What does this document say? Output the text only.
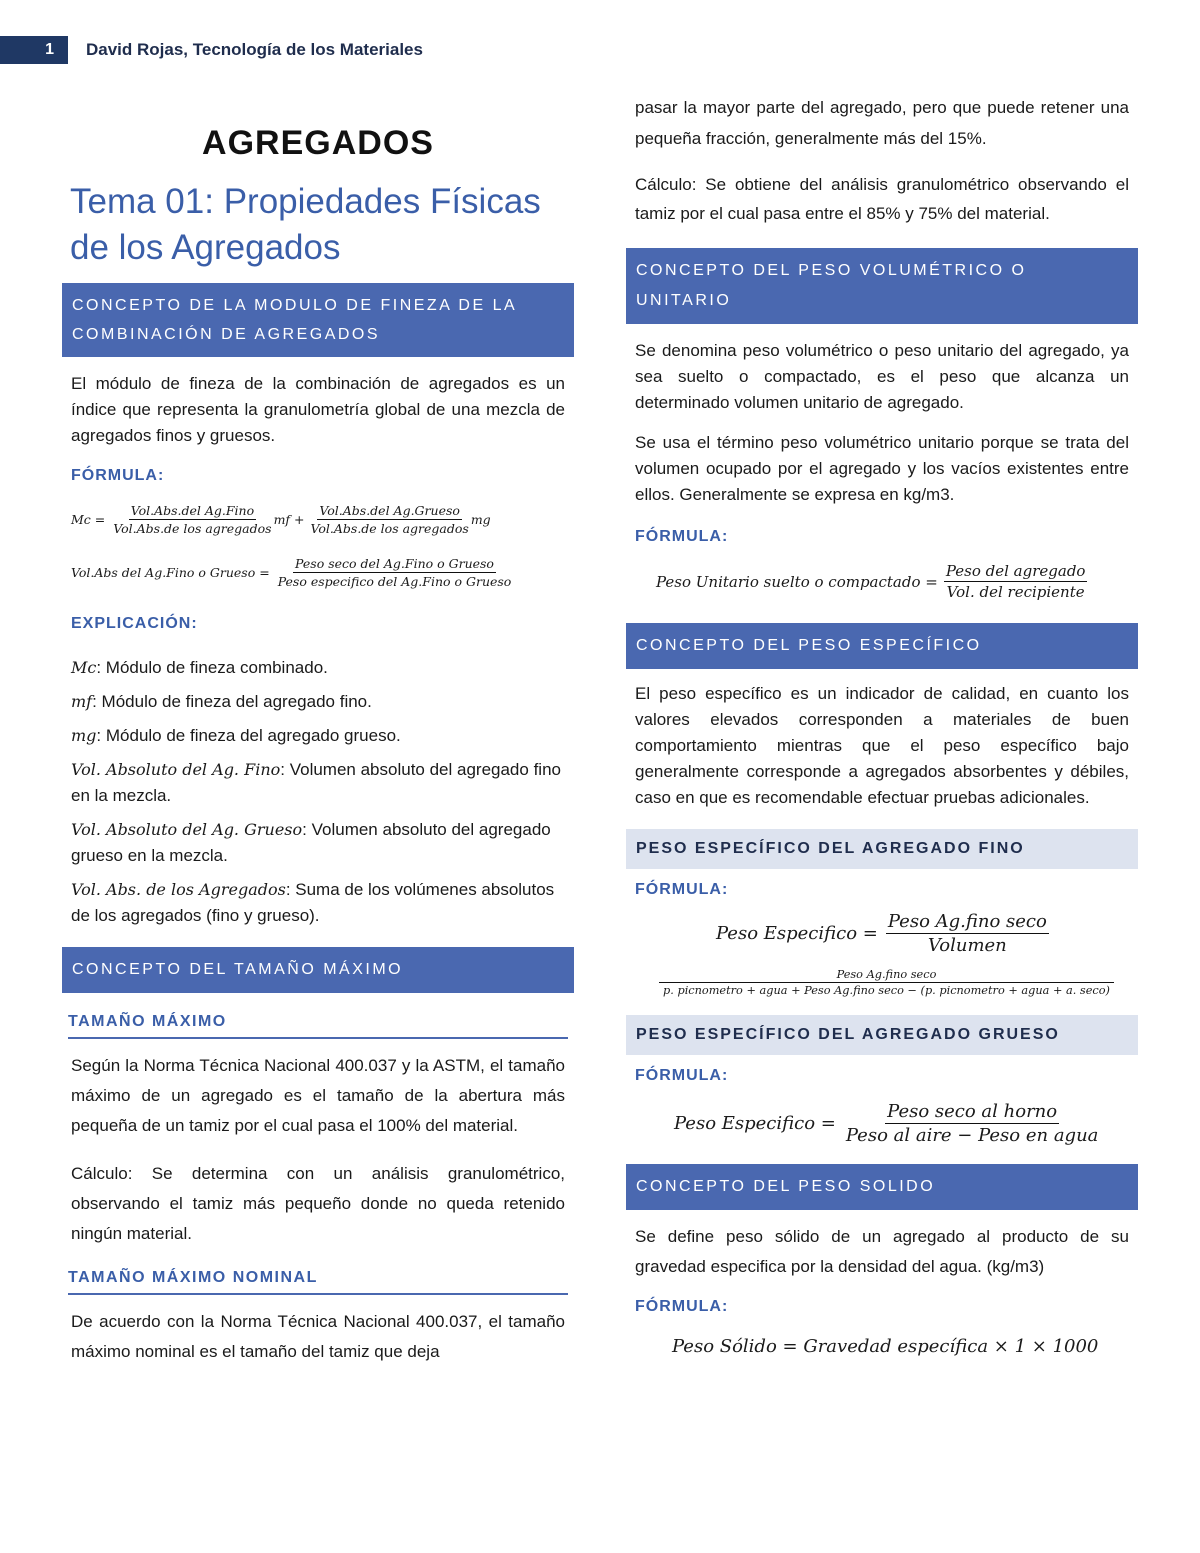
1	David Rojas, Tecnología de los Materiales
AGREGADOS
Tema 01: Propiedades Físicas
de los Agregados
CONCEPTO DE LA MODULO DE FINEZA DE LA
COMBINACIÓN DE AGREGADOS

El módulo de fineza de la combinación de agregados es un índice que representa la granulometría global de una mezcla de agregados finos y gruesos.

FÓRMULA:
$Mc = \frac{\text{Vol.Abs.del Ag.Fino}}{\text{Vol.Abs.de los agregados}}$ mf + $\frac{\text{Vol.Abs.del Ag.Grueso}}{\text{Vol.Abs.de los agregados}}$ mg
Vol.Abs del Ag.Fino o Grueso = $\frac{\text{Peso seco del Ag.Fino o Grueso}}{\text{Peso especifico del Ag.Fino o Grueso}}$
EXPLICACIÓN:
Mc: Módulo de fineza combinado.
mf: Módulo de fineza del agregado fino.
mg: Módulo de fineza del agregado grueso.
Vol. Absoluto del Ag. Fino: Volumen absoluto del agregado fino en la mezcla.
Vol. Absoluto del Ag. Grueso: Volumen absoluto del agregado grueso en la mezcla.
Vol. Abs. de los Agregados: Suma de los volúmenes absolutos de los agregados (fino y grueso).
CONCEPTO DEL TAMAÑO MÁXIMO
TAMAÑO MÁXIMO

Según la Norma Técnica Nacional 400.037 y la ASTM, el tamaño máximo de un agregado es el tamaño de la abertura más pequeña de un tamiz por el cual pasa el 100% del material.

Cálculo: Se determina con un análisis granulométrico, observando el tamiz más pequeño donde no queda retenido ningún material.

TAMAÑO MÁXIMO NOMINAL

De acuerdo con la Norma Técnica Nacional 400.037, el tamaño máximo nominal es el tamaño del tamiz que deja

pasar la mayor parte del agregado, pero que puede retener una pequeña fracción, generalmente más del 15%.

Cálculo: Se obtiene del análisis granulométrico observando el tamiz por el cual pasa entre el 85% y 75% del material.

CONCEPTO DEL PESO VOLUMÉTRICO O UNITARIO

Se denomina peso volumétrico o peso unitario del agregado, ya sea suelto o compactado, es el peso que alcanza un determinado volumen unitario de agregado.

Se usa el término peso volumétrico unitario porque se trata del volumen ocupado por el agregado y los vacíos existentes entre ellos. Generalmente se expresa en kg/m3.

FÓRMULA:
Peso Unitario suelto o compactado = $\frac{\text{Peso del agregado}}{\text{Vol. del recipiente}}$
CONCEPTO DEL PESO ESPECÍFICO

El peso específico es un indicador de calidad, en cuanto los valores elevados corresponden a materiales de buen comportamiento mientras que el peso específico bajo generalmente corresponde a agregados absorbentes y débiles, caso en que es recomendable efectuar pruebas adicionales.

PESO ESPECÍFICO DEL AGREGADO FINO
FÓRMULA:
Peso Especifico = $\frac{\text{Peso Ag.fino seco}}{\text{Volumen}}$
Peso Ag.fino seco
p. picnometro + agua + Peso Ag.fino seco − (p. picnometro + agua + a. seco)
PESO ESPECÍFICO DEL AGREGADO GRUESO
FÓRMULA:
Peso Especifico = $\frac{\text{Peso seco al horno}}{\text{Peso al aire − Peso en agua}}$
CONCEPTO DEL PESO SOLIDO

Se define peso sólido de un agregado al producto de su gravedad especifica por la densidad del agua. (kg/m3)

FÓRMULA:
Peso Sólido = Gravedad específica × 1 × 1000
